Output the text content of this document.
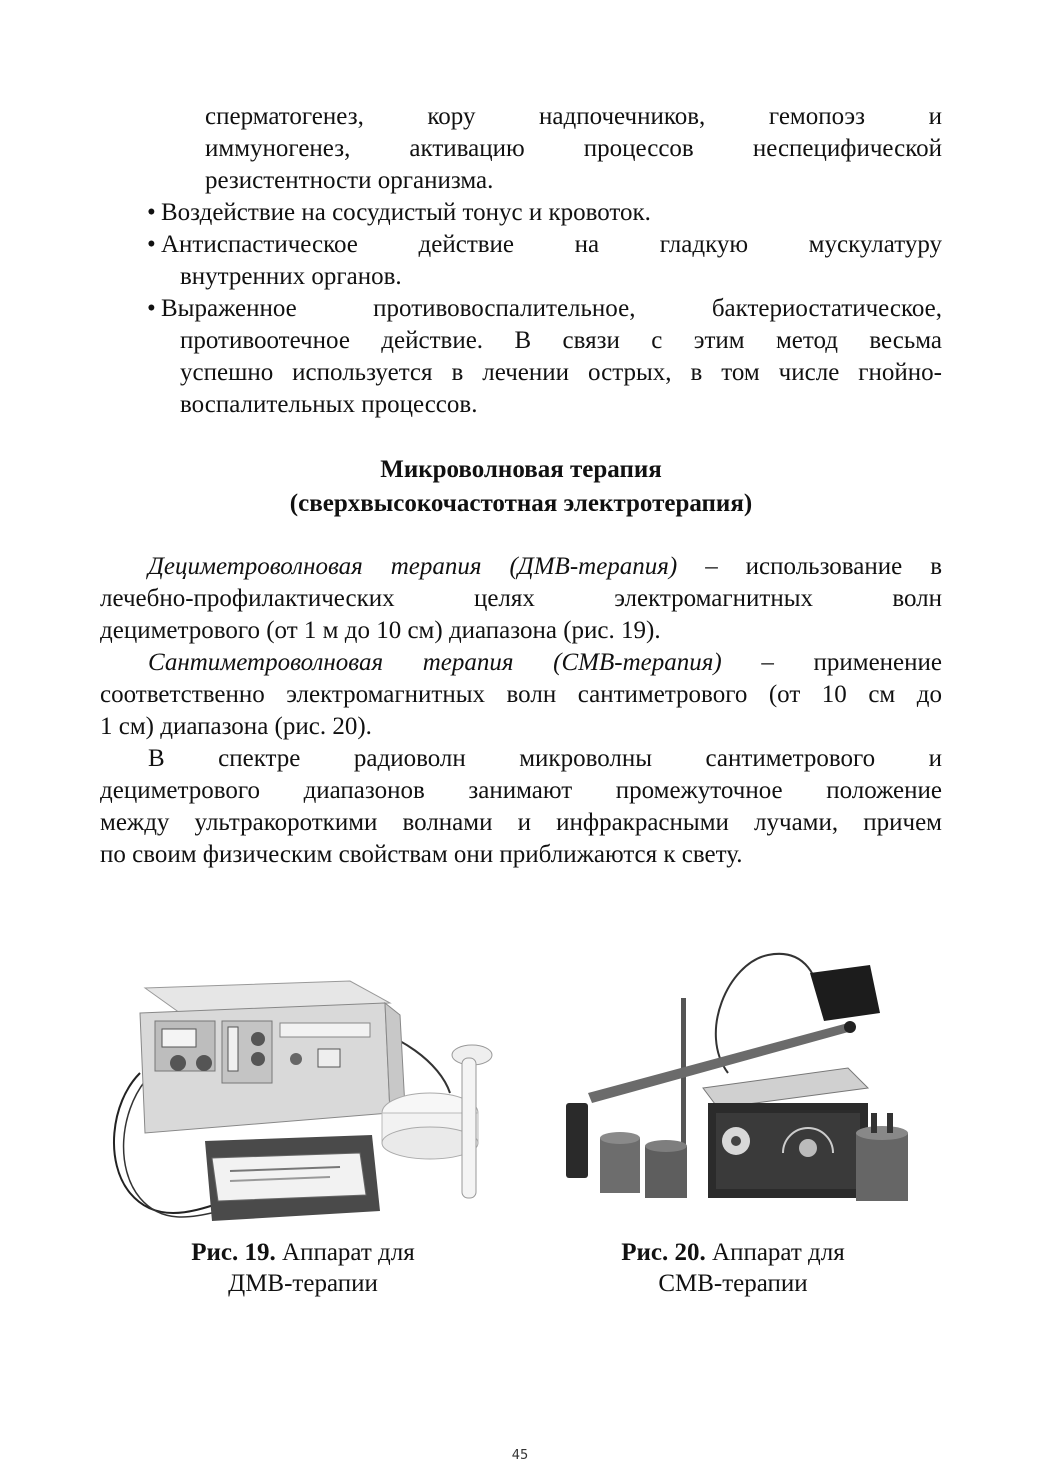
сперматогенез, кору надпочечников, гемопоэз и
иммуногенез, активацию процессов неспецифической
резистентности организма.
• Воздействие на сосудистый тонус и кровоток.
• Антиспастическое действие на гладкую мускулатуру
внутренних органов.
• Выраженное противовоспалительное, бактериостатическое,
противоотечное действие. В связи с этим метод весьма
успешно используется в лечении острых, в том числе гнойно-
воспалительных процессов.
Микроволновая терапия
(сверхвысокочастотная электротерапия)
Дециметроволновая терапия (ДМВ-терапия) – использование в
лечебно-профилактических целях электромагнитных волн
дециметрового (от 1 м до 10 см) диапазона (рис. 19).
Сантиметроволновая терапия (СМВ-терапия) – применение
соответственно электромагнитных волн сантиметрового (от 10 см до
1 см) диапазона (рис. 20).
В спектре радиоволн микроволны сантиметрового и
дециметрового диапазонов занимают промежуточное положение
между ультракороткими волнами и инфракрасными лучами, причем
по своим физическим свойствам они приближаются к свету.
Рис. 19. Аппарат для
ДМВ-терапии
Рис. 20. Аппарат для
СМВ-терапии
45
